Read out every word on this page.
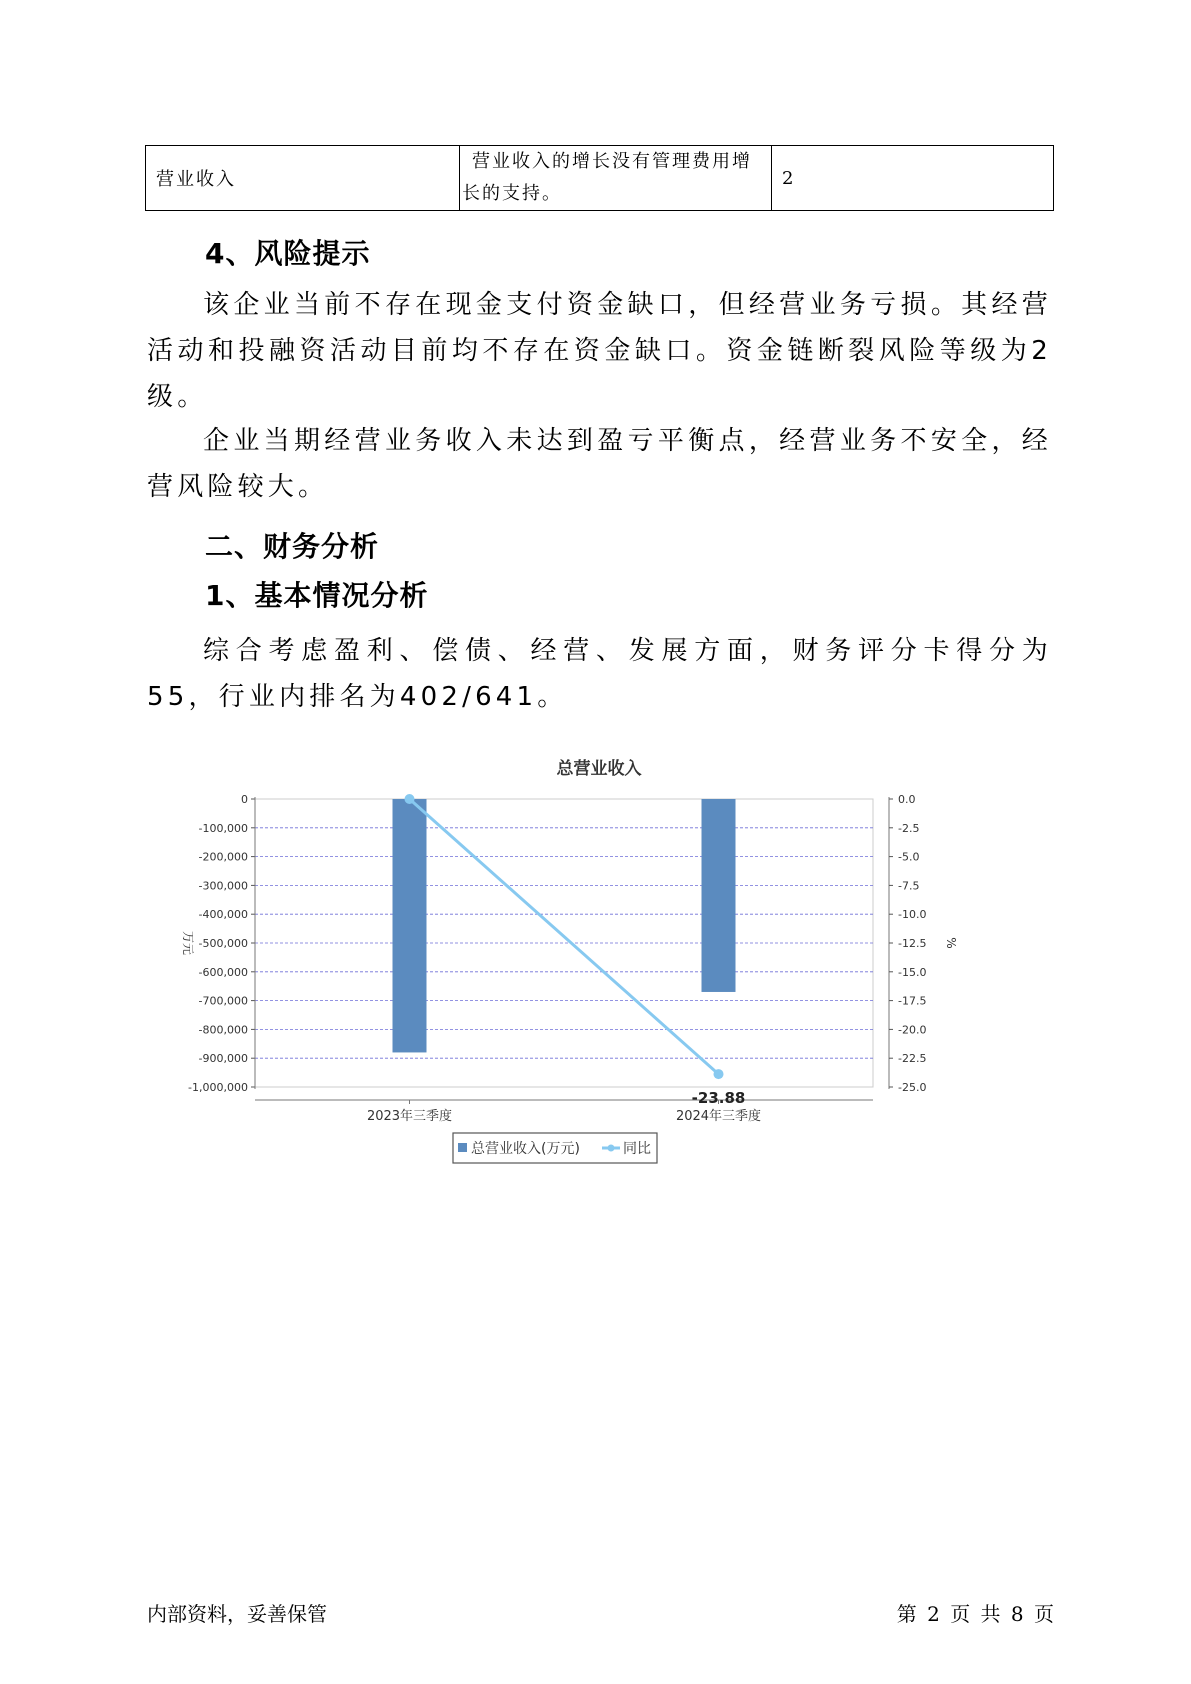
营业收入	营业收入的增长没有管理费用增长的支持。	2
4、风险提示
该企业当前不存在现金支付资金缺口，但经营业务亏损。其经营活动和投融资活动目前均不存在资金缺口。资金链断裂风险等级为2级。
企业当期经营业务收入未达到盈亏平衡点，经营业务不安全，经营风险较大。
二、财务分析
1、基本情况分析
综合考虑盈利、偿债、经营、发展方面，财务评分卡得分为55，行业内排名为402/641。
总营业收入
0
-100,000
-200,000
-300,000
-400,000
-500,000
-600,000
-700,000
-800,000
-900,000
-1,000,000
0.0
-2.5
-5.0
-7.5
-10.0
-12.5
-15.0
-17.5
-20.0
-22.5
-25.0
2023年三季度	2024年三季度
万元	%
-23.88
总营业收入(万元)	同比
内部资料，妥善保管	第 2 页 共 8 页
